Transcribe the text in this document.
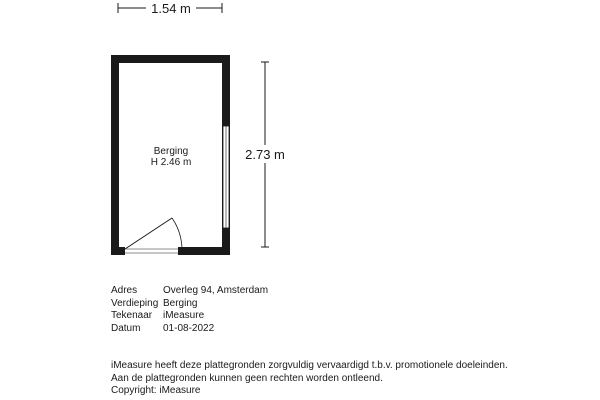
1.54 m
2.73 m
Berging
H 2.46 m
Adres	Overleg 94, Amsterdam
Verdieping Berging
Tekenaar	iMeasure
Datum	01-08-2022
iMeasure heeft deze plattegronden zorgvuldig vervaardigd t.b.v. promotionele doeleinden.
Aan de plattegronden kunnen geen rechten worden ontleend.
Copyright: iMeasure
